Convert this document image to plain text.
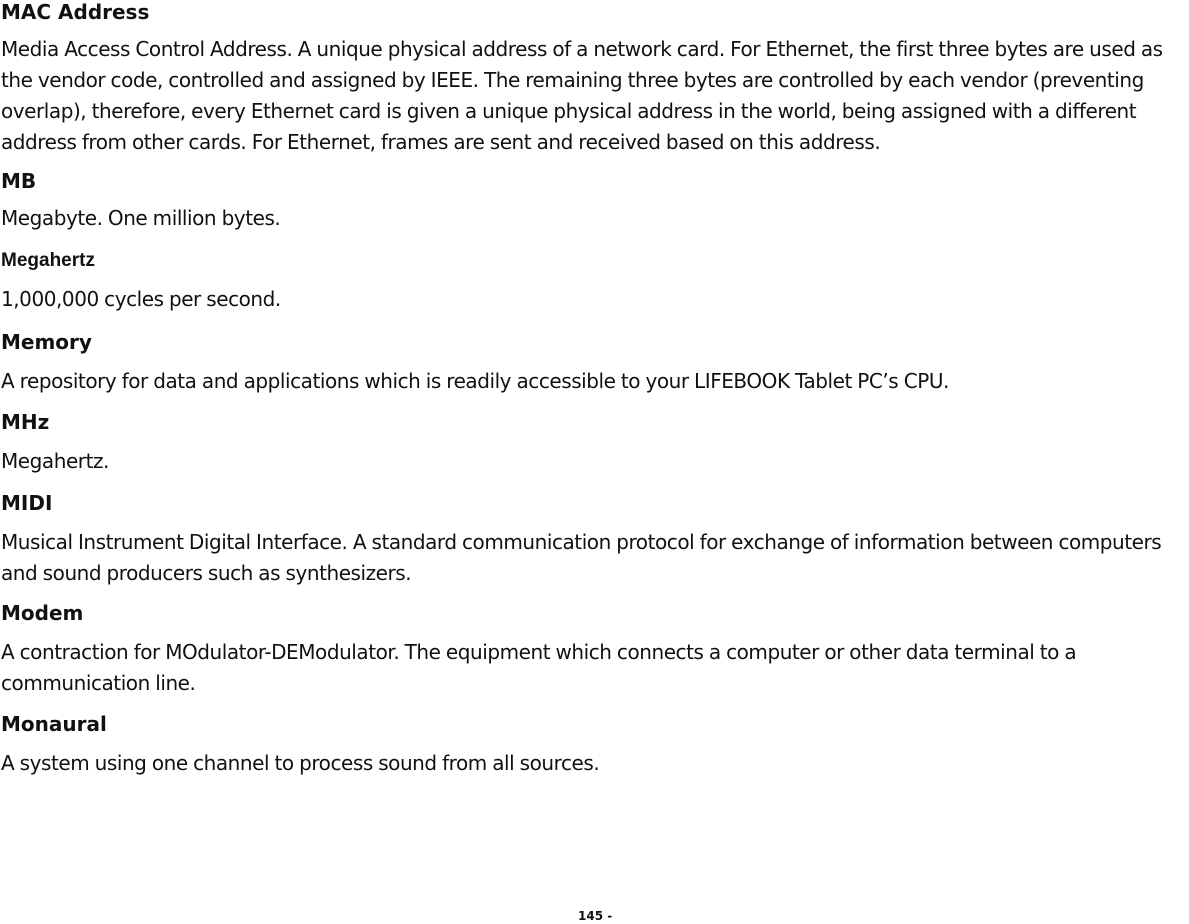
MAC Address
Media Access Control Address. A unique physical address of a network card. For Ethernet, the first three bytes are used as the vendor code, controlled and assigned by IEEE. The remaining three bytes are controlled by each vendor (preventing overlap), therefore, every Ethernet card is given a unique physical address in the world, being assigned with a different address from other cards. For Ethernet, frames are sent and received based on this address.
MB
Megabyte. One million bytes.
Megahertz
1,000,000 cycles per second.
Memory
A repository for data and applications which is readily accessible to your LIFEBOOK Tablet PC’s CPU.
MHz
Megahertz.
MIDI
Musical Instrument Digital Interface. A standard communication protocol for exchange of information between computers and sound producers such as synthesizers.
Modem
A contraction for MOdulator-DEModulator. The equipment which connects a computer or other data terminal to a communication line.
Monaural
A system using one channel to process sound from all sources.
145 -
